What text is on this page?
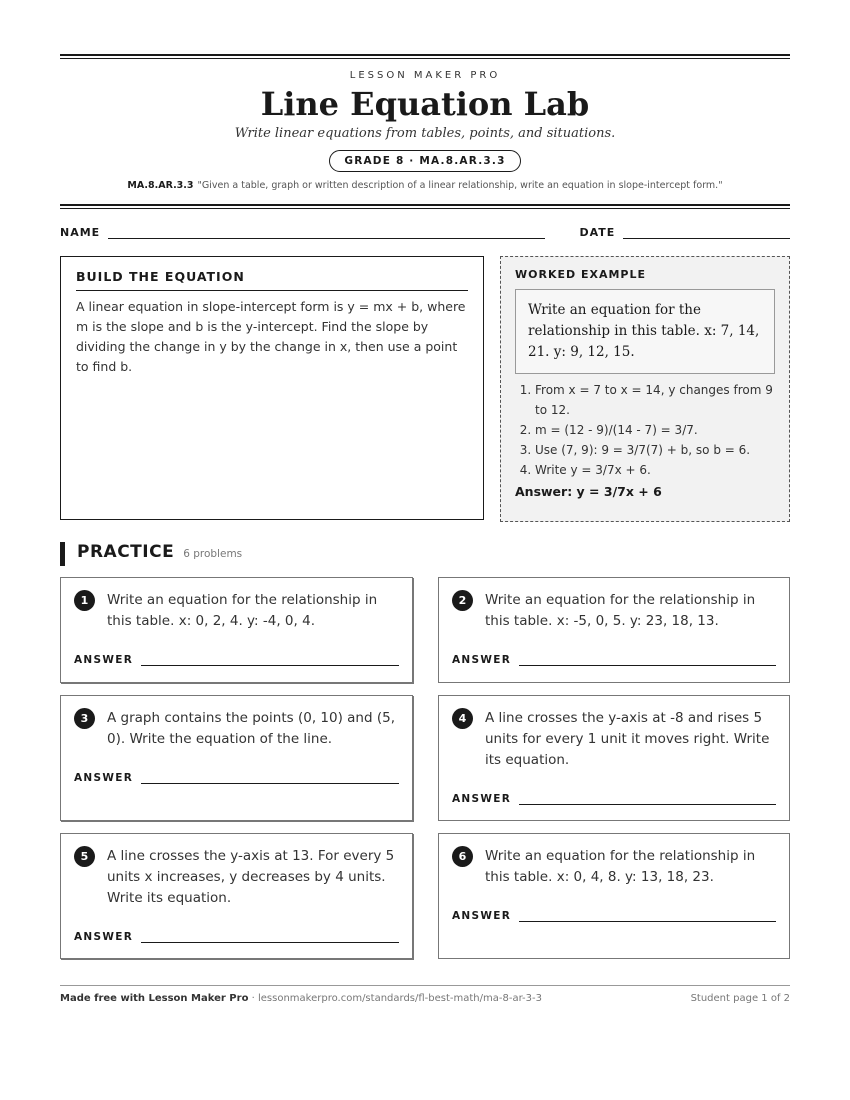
LESSON MAKER PRO
Line Equation Lab
Write linear equations from tables, points, and situations.
GRADE 8 · MA.8.AR.3.3
MA.8.AR.3.3 "Given a table, graph or written description of a linear relationship, write an equation in slope-intercept form."
NAME	DATE
BUILD THE EQUATION
A linear equation in slope-intercept form is y = mx + b, where m is the slope and b is the y-intercept. Find the slope by dividing the change in y by the change in x, then use a point to find b.
WORKED EXAMPLE
Write an equation for the relationship in this table. x: 7, 14, 21. y: 9, 12, 15.
1. From x = 7 to x = 14, y changes from 9 to 12.
2. m = (12 - 9)/(14 - 7) = 3/7.
3. Use (7, 9): 9 = 3/7(7) + b, so b = 6.
4. Write y = 3/7x + 6.
Answer: y = 3/7x + 6
PRACTICE 6 problems
1	Write an equation for the relationship in this table. x: 0, 2, 4. y: -4, 0, 4.
ANSWER
2	Write an equation for the relationship in this table. x: -5, 0, 5. y: 23, 18, 13.
ANSWER
3	A graph contains the points (0, 10) and (5, 0). Write the equation of the line.
ANSWER
4	A line crosses the y-axis at -8 and rises 5 units for every 1 unit it moves right. Write its equation.
ANSWER
5	A line crosses the y-axis at 13. For every 5 units x increases, y decreases by 4 units. Write its equation.
ANSWER
6	Write an equation for the relationship in this table. x: 0, 4, 8. y: 13, 18, 23.
ANSWER
Made free with Lesson Maker Pro · lessonmakerpro.com/standards/fl-best-math/ma-8-ar-3-3	Student page 1 of 2
